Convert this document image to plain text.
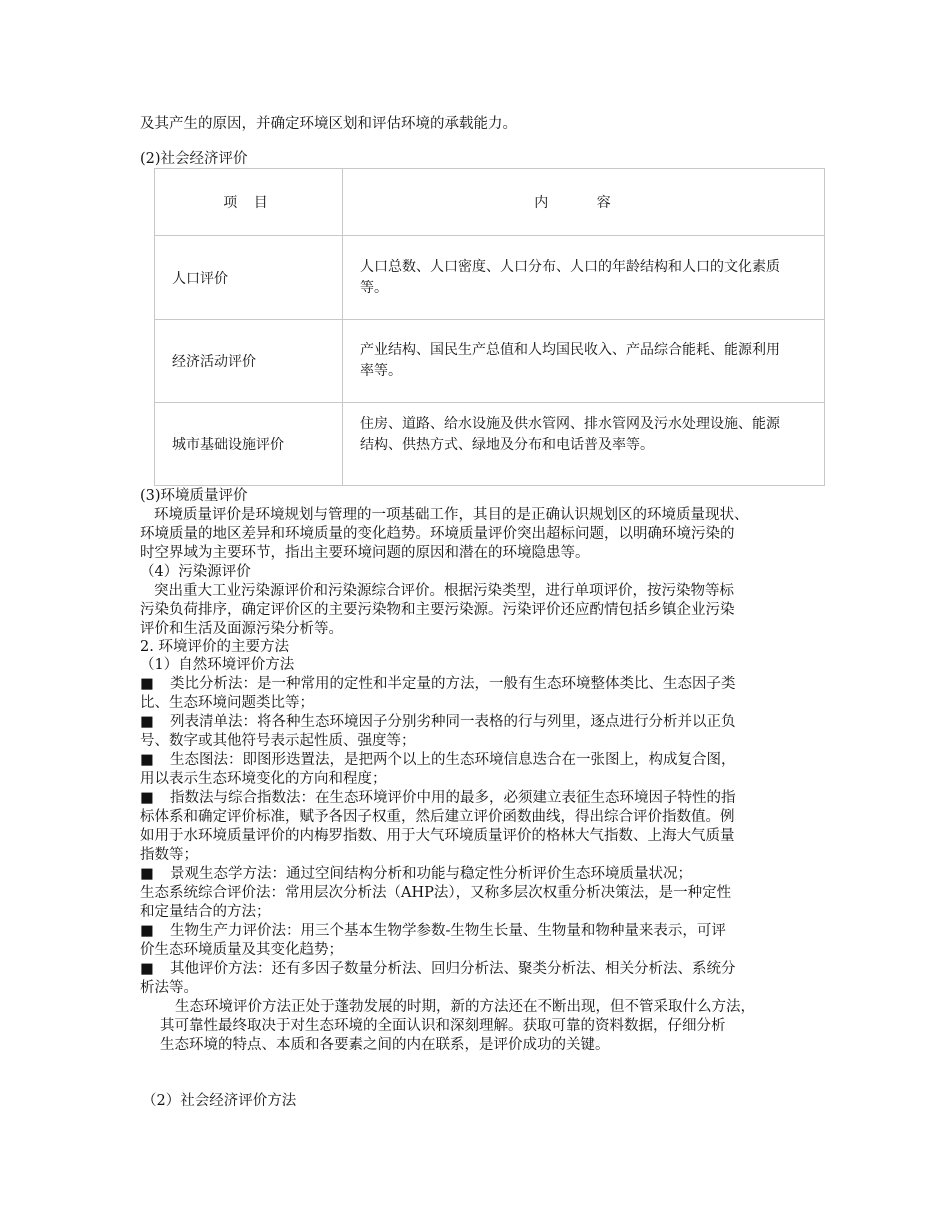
及其产生的原因，并确定环境区划和评估环境的承载能力。
(2)社会经济评价
项 目	内 容
人口评价	人口总数、人口密度、人口分布、人口的年龄结构和人口的文化素质
等。

经济活动评价	产业结构、国民生产总值和人均国民收入、产品综合能耗、能源利用
率等。

城市基础设施评价	住房、道路、给水设施及供水管网、排水管网及污水处理设施、能源
结构、供热方式、绿地及分布和电话普及率等。
(3)环境质量评价
环境质量评价是环境规划与管理的一项基础工作，其目的是正确认识规划区的环境质量现状、
环境质量的地区差异和环境质量的变化趋势。环境质量评价突出超标问题，以明确环境污染的
时空界域为主要环节，指出主要环境问题的原因和潜在的环境隐患等。
（4）污染源评价
突出重大工业污染源评价和污染源综合评价。根据污染类型，进行单项评价，按污染物等标
污染负荷排序，确定评价区的主要污染物和主要污染源。污染评价还应酌情包括乡镇企业污染
评价和生活及面源污染分析等。
2. 环境评价的主要方法
（1）自然环境评价方法
■ 类比分析法：是一种常用的定性和半定量的方法，一般有生态环境整体类比、生态因子类
比、生态环境问题类比等；
■ 列表清单法：将各种生态环境因子分别劣种同一表格的行与列里，逐点进行分析并以正负
号、数字或其他符号表示起性质、强度等；
■ 生态图法：即图形迭置法，是把两个以上的生态环境信息迭合在一张图上，构成复合图，
用以表示生态环境变化的方向和程度；
■ 指数法与综合指数法：在生态环境评价中用的最多，必须建立表征生态环境因子特性的指
标体系和确定评价标准，赋予各因子权重，然后建立评价函数曲线，得出综合评价指数值。例
如用于水环境质量评价的内梅罗指数、用于大气环境质量评价的格林大气指数、上海大气质量
指数等；
■ 景观生态学方法：通过空间结构分析和功能与稳定性分析评价生态环境质量状况；
生态系统综合评价法：常用层次分析法（AHP法），又称多层次权重分析决策法，是一种定性
和定量结合的方法；
■ 生物生产力评价法：用三个基本生物学参数-生物生长量、生物量和物种量来表示，可评
价生态环境质量及其变化趋势；
■ 其他评价方法：还有多因子数量分析法、回归分析法、聚类分析法、相关分析法、系统分
析法等。
生态环境评价方法正处于蓬勃发展的时期，新的方法还在不断出现，但不管采取什么方法，
其可靠性最终取决于对生态环境的全面认识和深刻理解。获取可靠的资料数据，仔细分析
生态环境的特点、本质和各要素之间的内在联系，是评价成功的关键。
（2）社会经济评价方法
